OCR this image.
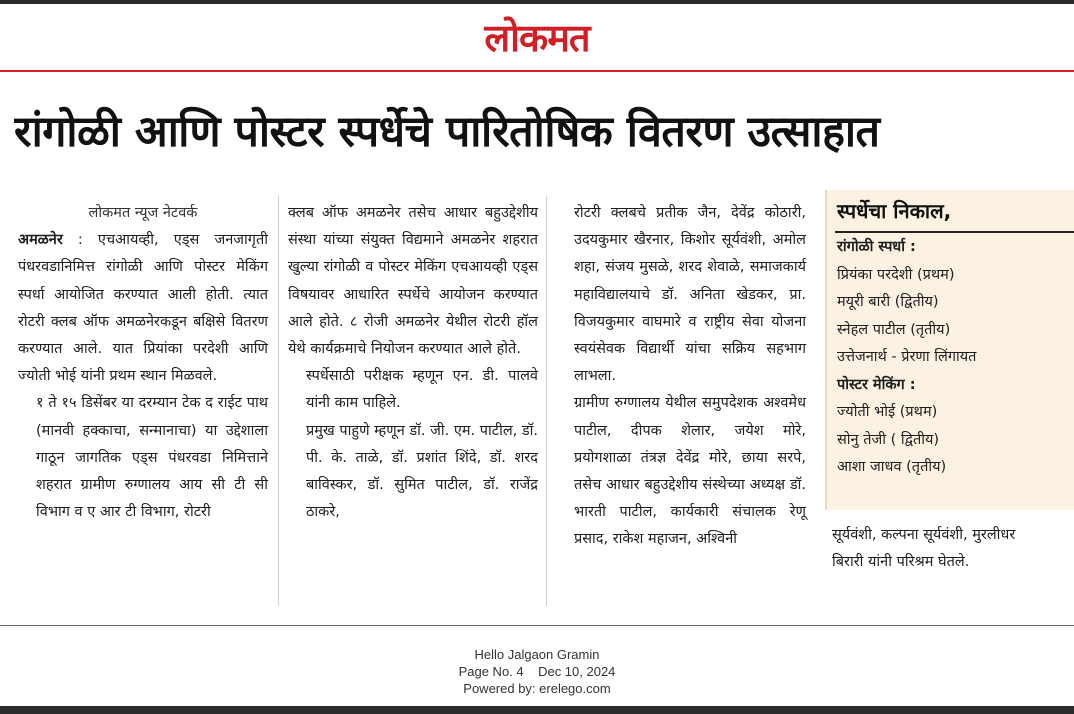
लोकमत
रांगोळी आणि पोस्टर स्पर्धेचे पारितोषिक वितरण उत्साहात

लोकमत न्यूज नेटवर्क

अमळनेर : एचआयव्ही, एड्स जनजागृती पंधरवडानिमित्त रांगोळी आणि पोस्टर मेकिंग स्पर्धा आयोजित करण्यात आली होती. त्यात रोटरी क्लब ऑफ अमळनेरकडून बक्षिसे वितरण करण्यात आले. यात प्रियांका परदेशी आणि ज्योती भोई यांनी प्रथम स्थान मिळवले.

१ ते १५ डिसेंबर या दरम्यान टेक द राईट पाथ (मानवी हक्काचा, सन्मानाचा) या उद्देशाला गाठून जागतिक एड्स पंधरवडा निमित्ताने शहरात ग्रामीण रुग्णालय आय सी टी सी विभाग व ए आर टी विभाग, रोटरी

क्लब ऑफ अमळनेर तसेच आधार बहुउद्देशीय संस्था यांच्या संयुक्त विद्यमाने अमळनेर शहरात खुल्या रांगोळी व पोस्टर मेकिंग एचआयव्ही एड्स विषयावर आधारित स्पर्धेचे आयोजन करण्यात आले होते. ८ रोजी अमळनेर येथील रोटरी हॉल येथे कार्यक्रमाचे नियोजन करण्यात आले होते.

स्पर्धेसाठी परीक्षक म्हणून एन. डी. पालवे यांनी काम पाहिले.

प्रमुख पाहुणे म्हणून डॉ. जी. एम. पाटील, डॉ. पी. के. ताळे, डॉ. प्रशांत शिंदे, डॉ. शरद बाविस्कर, डॉ. सुमित पाटील, डॉ. राजेंद्र ठाकरे,

रोटरी क्लबचे प्रतीक जैन, देवेंद्र कोठारी, उदयकुमार खैरनार, किशोर सूर्यवंशी, अमोल शहा, संजय मुसळे, शरद शेवाळे, समाजकार्य महाविद्यालयाचे डॉ. अनिता खेडकर, प्रा. विजयकुमार वाघमारे व राष्ट्रीय सेवा योजना स्वयंसेवक विद्यार्थी यांचा सक्रिय सहभाग लाभला.

ग्रामीण रुग्णालय येथील समुपदेशक अश्वमेध पाटील, दीपक शेलार, जयेश मोरे, प्रयोगशाळा तंत्रज्ञ देवेंद्र मोरे, छाया सरपे, तसेच आधार बहुउद्देशीय संस्थेच्या अध्यक्ष डॉ. भारती पाटील, कार्यकारी संचालक रेणू प्रसाद, राकेश महाजन, अश्विनी

स्पर्धेचा निकाल,
रांगोळी स्पर्धा :
प्रियंका परदेशी (प्रथम)
मयूरी बारी (द्वितीय)
स्नेहल पाटील (तृतीय)
उत्तेजनार्थ - प्रेरणा लिंगायत
पोस्टर मेकिंग :
ज्योती भोई (प्रथम)
सोनु तेजी ( द्वितीय)
आशा जाधव (तृतीय)
सूर्यवंशी, कल्पना सूर्यवंशी, मुरलीधर
बिरारी यांनी परिश्रम घेतले.
Hello Jalgaon Gramin
Page No. 4    Dec 10, 2024
Powered by: erelego.com
